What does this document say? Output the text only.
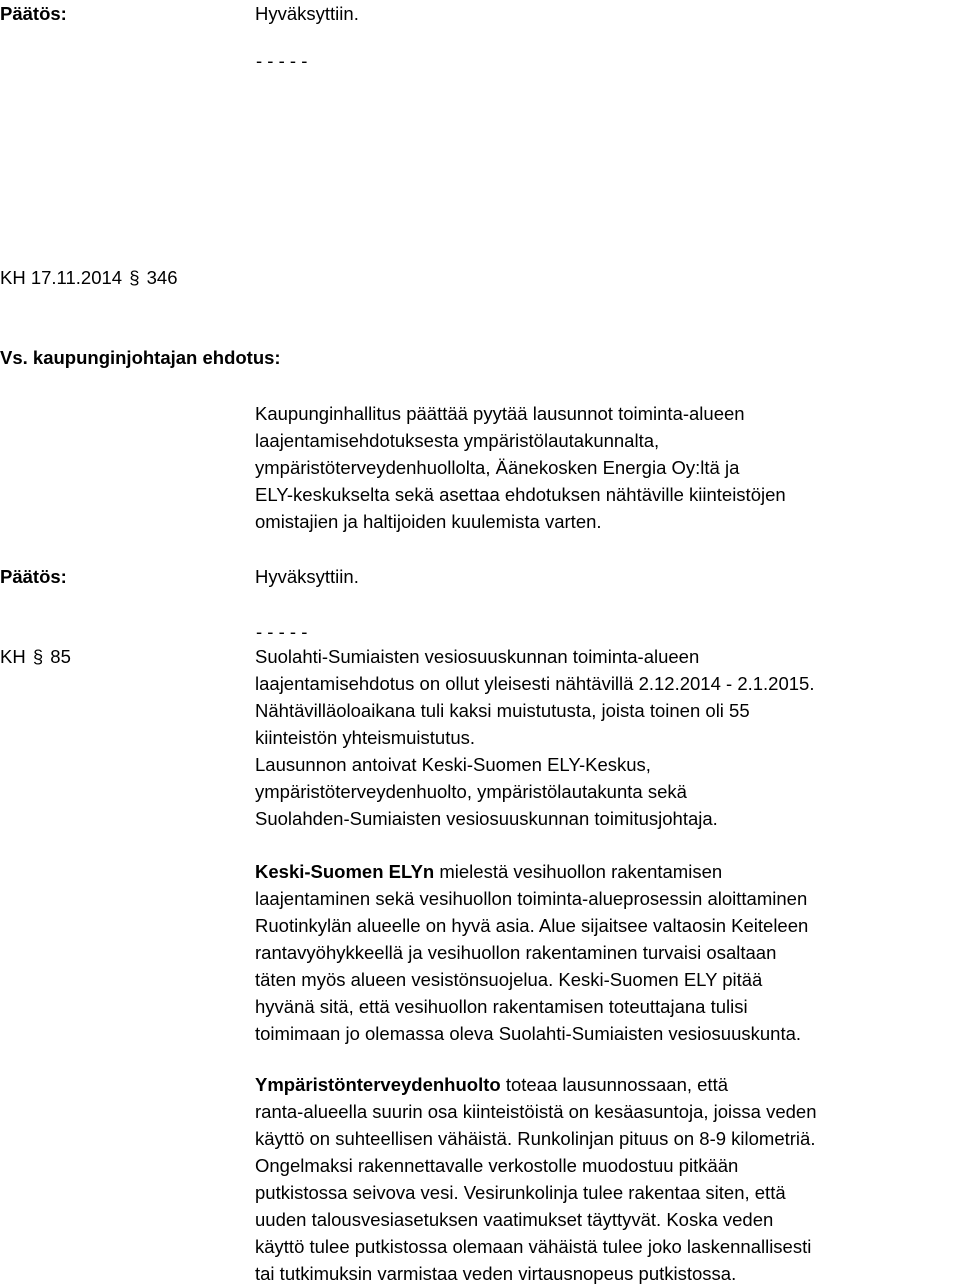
Päätös:	Hyväksyttiin.
- - - - -
KH 17.11.2014 § 346
Vs. kaupunginjohtajan ehdotus:
Kaupunginhallitus päättää pyytää lausunnot toiminta-alueen
laajentamisehdotuksesta ympäristölautakunnalta,
ympäristöterveydenhuollolta, Äänekosken Energia Oy:ltä ja
ELY-keskukselta sekä asettaa ehdotuksen nähtäville kiinteistöjen
omistajien ja haltijoiden kuulemista varten.
Päätös:	Hyväksyttiin.
- - - - -
KH § 85	Suolahti-Sumiaisten vesiosuuskunnan toiminta-alueen
laajentamisehdotus on ollut yleisesti nähtävillä 2.12.2014 - 2.1.2015.
Nähtävilläoloaikana tuli kaksi muistutusta, joista toinen oli 55
kiinteistön yhteismuistutus.
Lausunnon antoivat Keski-Suomen ELY-Keskus,
ympäristöterveydenhuolto, ympäristölautakunta sekä
Suolahden-Sumiaisten vesiosuuskunnan toimitusjohtaja.
Keski-Suomen ELYn mielestä vesihuollon rakentamisen
laajentaminen sekä vesihuollon toiminta-alueprosessin aloittaminen
Ruotinkylän alueelle on hyvä asia. Alue sijaitsee valtaosin Keiteleen
rantavyöhykkeellä ja vesihuollon rakentaminen turvaisi osaltaan
täten myös alueen vesistönsuojelua. Keski-Suomen ELY pitää
hyvänä sitä, että vesihuollon rakentamisen toteuttajana tulisi
toimimaan jo olemassa oleva Suolahti-Sumiaisten vesiosuuskunta.
Ympäristönterveydenhuolto toteaa lausunnossaan, että
ranta-alueella suurin osa kiinteistöistä on kesäasuntoja, joissa veden
käyttö on suhteellisen vähäistä. Runkolinjan pituus on 8-9 kilometriä.
Ongelmaksi rakennettavalle verkostolle muodostuu pitkään
putkistossa seivova vesi. Vesirunkolinja tulee rakentaa siten, että
uuden talousvesiasetuksen vaatimukset täyttyvät. Koska veden
käyttö tulee putkistossa olemaan vähäistä tulee joko laskennallisesti
tai tutkimuksin varmistaa veden virtausnopeus putkistossa.
